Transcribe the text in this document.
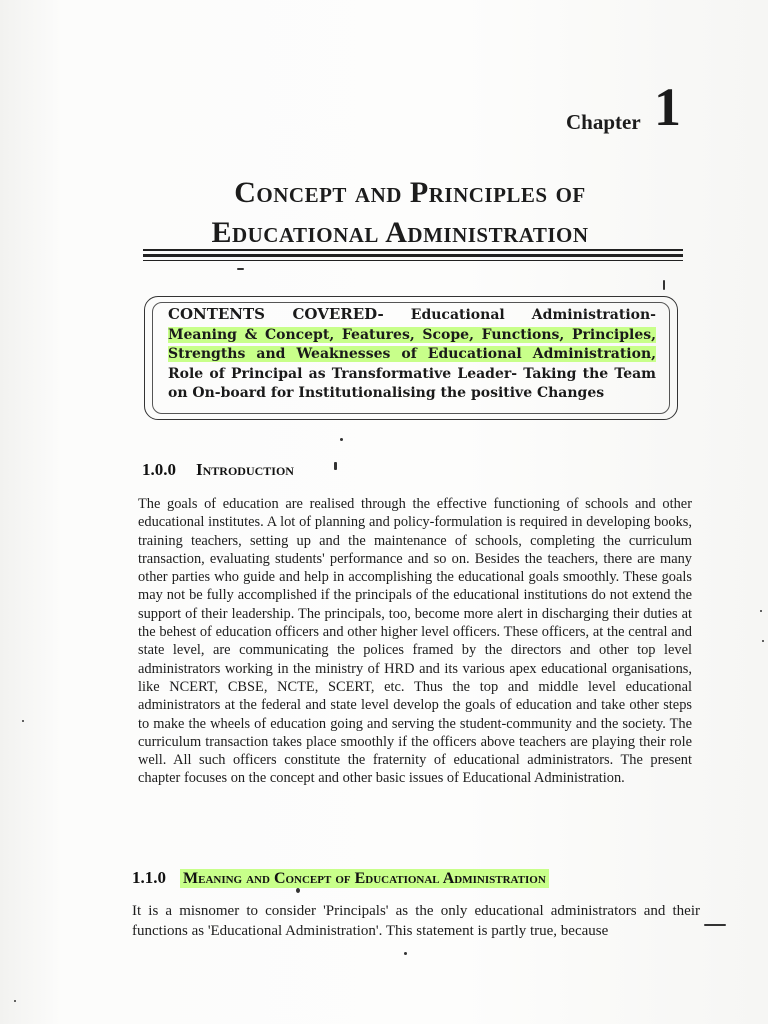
Chapter 1
Concept and Principles of
Educational Administration
CONTENTS COVERED- Educational Administration-Meaning & Concept, Features, Scope, Functions, Principles, Strengths and Weaknesses of Educational Administration, Role of Principal as Transformative Leader- Taking the Team on On-board for Institutionalising the positive Changes
1.0.0 Introduction
The goals of education are realised through the effective functioning of schools and other educational institutes. A lot of planning and policy-formulation is required in developing books, training teachers, setting up and the maintenance of schools, completing the curriculum transaction, evaluating students' performance and so on. Besides the teachers, there are many other parties who guide and help in accomplishing the educational goals smoothly. These goals may not be fully accomplished if the principals of the educational institutions do not extend the support of their leadership. The principals, too, become more alert in discharging their duties at the behest of education officers and other higher level officers. These officers, at the central and state level, are communicating the polices framed by the directors and other top level administrators working in the ministry of HRD and its various apex educational organisations, like NCERT, CBSE, NCTE, SCERT, etc. Thus the top and middle level educational administrators at the federal and state level develop the goals of education and take other steps to make the wheels of education going and serving the student-community and the society. The curriculum transaction takes place smoothly if the officers above teachers are playing their role well. All such officers constitute the fraternity of educational administrators. The present chapter focuses on the concept and other basic issues of Educational Administration.
1.1.0 Meaning and Concept of Educational Administration
It is a misnomer to consider 'Principals' as the only educational administrators and their functions as 'Educational Administration'. This statement is partly true, because
